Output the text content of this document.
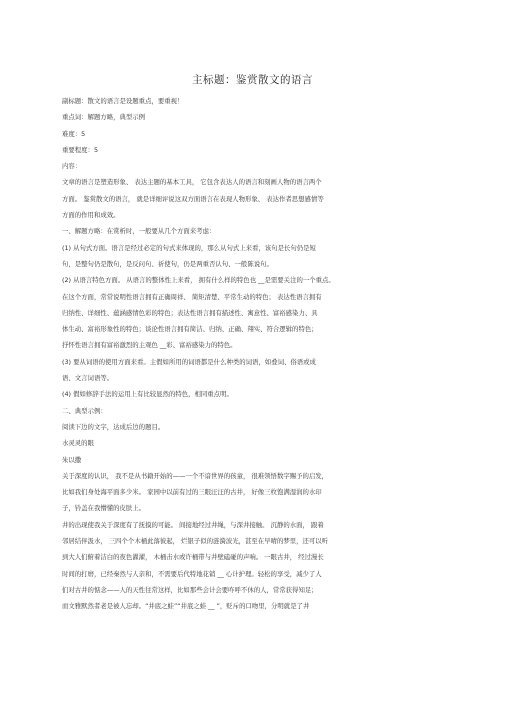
主标题：鉴赏散文的语言
副标题：散文的语言是设题重点，要重视！
重点词：解题方略，典型示例
难度：5
重要程度：5
内容：
文章的语言是塑造形象、 表达主题的基本工具， 它包含表达人的语言和刻画人物的语言两个
方面。 鉴赏散文的语言， 就是详细评说这双方面语言在表现人物形象、 表达作者思想感情等
方面的作用和成效。
一、解题方略：在赏析时，一般要从几个方面来考虑：
(1) 从句式方面。语言是经过必定的句式来体现的，那么从句式上来看，该句是长句仍是短
句，是整句仍是散句，是反问句、祈使句，仍是两重否认句、一般陈说句。
(2) 从语言特色方面。 从语言的整体性上来看， 拥有什么样的特色也 __是需要关注的一个重点。
在这个方面，常常说明性语言拥有正确周祥、 简矩清楚、平常生动的特色； 表达性语言拥有
归纳性、详细性、蕴涵感情色彩的特色；表达性语言拥有描述性、寓意性、富裕感染力、具
体生动、富裕形象性的特色；谈论性语言拥有简洁、归纳、正确、翔实、符合逻辑的特色；
抒怀性语言拥有富裕激烈的主观色 __彩、富裕感染力的特色。
(3) 要从词语的使用方面来看。主假如所用的词语都是什么种类的词语，如叠词、俗语或成
语、文言词语等。
(4) 假如修辞手法的运用上有比较显然的特色，相同重点明。
二、典型示例：
阅读下边的文字，达成后边的题目。
水灵灵的眼
朱以撒
关于深度的认识， 我不是从书籍开始的——一个不谙世界的孩童， 很难领悟数字赐予的启发，
比如我们身处海平面多少米。 家园中以前有过的三眼汪汪的古井， 好像三枚饱满湿润的水印
子，钤盖在我懵懂的皮肤上。
井的出现使我关于深度有了抚摸的可能。 间接地经过井绳，与深井接触。 沉静的水面， 跟着
邻居结伴汲水， 三四个个木桶此落彼起， 烂银子似的涟漪波光，甚至在早晴的梦里，还可以听
到大人们俯着洁白的夜色濯濯， 木桶击水或许桶带与井壁磕碰的声响。 一眼古井， 经过漫长
时间的打磨，已经秦然与人亲和，不需要后代特地花销 __ 心计护理。轻松的享受，减少了人
们对古井的惦念——人的天性往常这样，比如那些会计会要咋呼不休的人，常常获得知足；
而文雅默然者老是被人忘却。“井底之蛙”“井底之蛙 __ ”，贬斥的口吻里，分明就是了井
